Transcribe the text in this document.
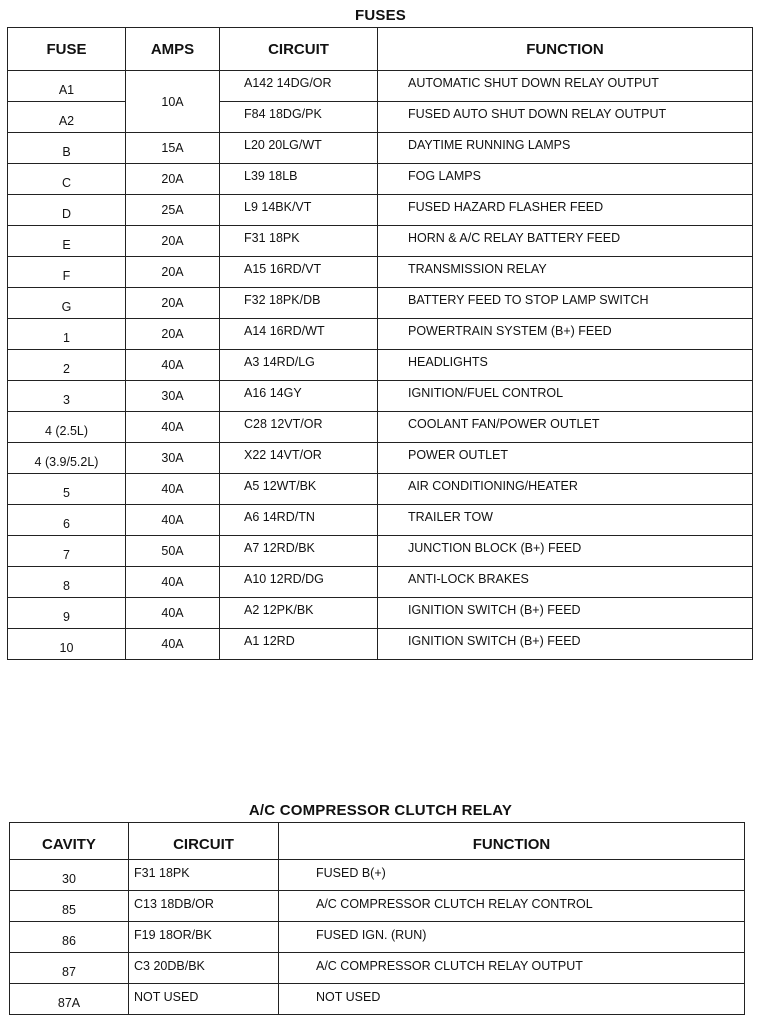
FUSES
FUSE	AMPS	CIRCUIT	FUNCTION
A1	10A	A142 14DG/OR	AUTOMATIC SHUT DOWN RELAY OUTPUT
A2		F84 18DG/PK	FUSED AUTO SHUT DOWN RELAY OUTPUT
B	15A	L20 20LG/WT	DAYTIME RUNNING LAMPS
C	20A	L39 18LB	FOG LAMPS
D	25A	L9 14BK/VT	FUSED HAZARD FLASHER FEED
E	20A	F31 18PK	HORN & A/C RELAY BATTERY FEED
F	20A	A15 16RD/VT	TRANSMISSION RELAY
G	20A	F32 18PK/DB	BATTERY FEED TO STOP LAMP SWITCH
1	20A	A14 16RD/WT	POWERTRAIN SYSTEM (B+) FEED
2	40A	A3 14RD/LG	HEADLIGHTS
3	30A	A16 14GY	IGNITION/FUEL CONTROL
4 (2.5L)	40A	C28 12VT/OR	COOLANT FAN/POWER OUTLET
4 (3.9/5.2L)	30A	X22 14VT/OR	POWER OUTLET
5	40A	A5 12WT/BK	AIR CONDITIONING/HEATER
6	40A	A6 14RD/TN	TRAILER TOW
7	50A	A7 12RD/BK	JUNCTION BLOCK (B+) FEED
8	40A	A10 12RD/DG	ANTI-LOCK BRAKES
9	40A	A2 12PK/BK	IGNITION SWITCH (B+) FEED
10	40A	A1 12RD	IGNITION SWITCH (B+) FEED
A/C COMPRESSOR CLUTCH RELAY
CAVITY	CIRCUIT	FUNCTION
30	F31 18PK	FUSED B(+)
85	C13 18DB/OR	A/C COMPRESSOR CLUTCH RELAY CONTROL
86	F19 18OR/BK	FUSED IGN. (RUN)
87	C3 20DB/BK	A/C COMPRESSOR CLUTCH RELAY OUTPUT
87A	NOT USED	NOT USED
